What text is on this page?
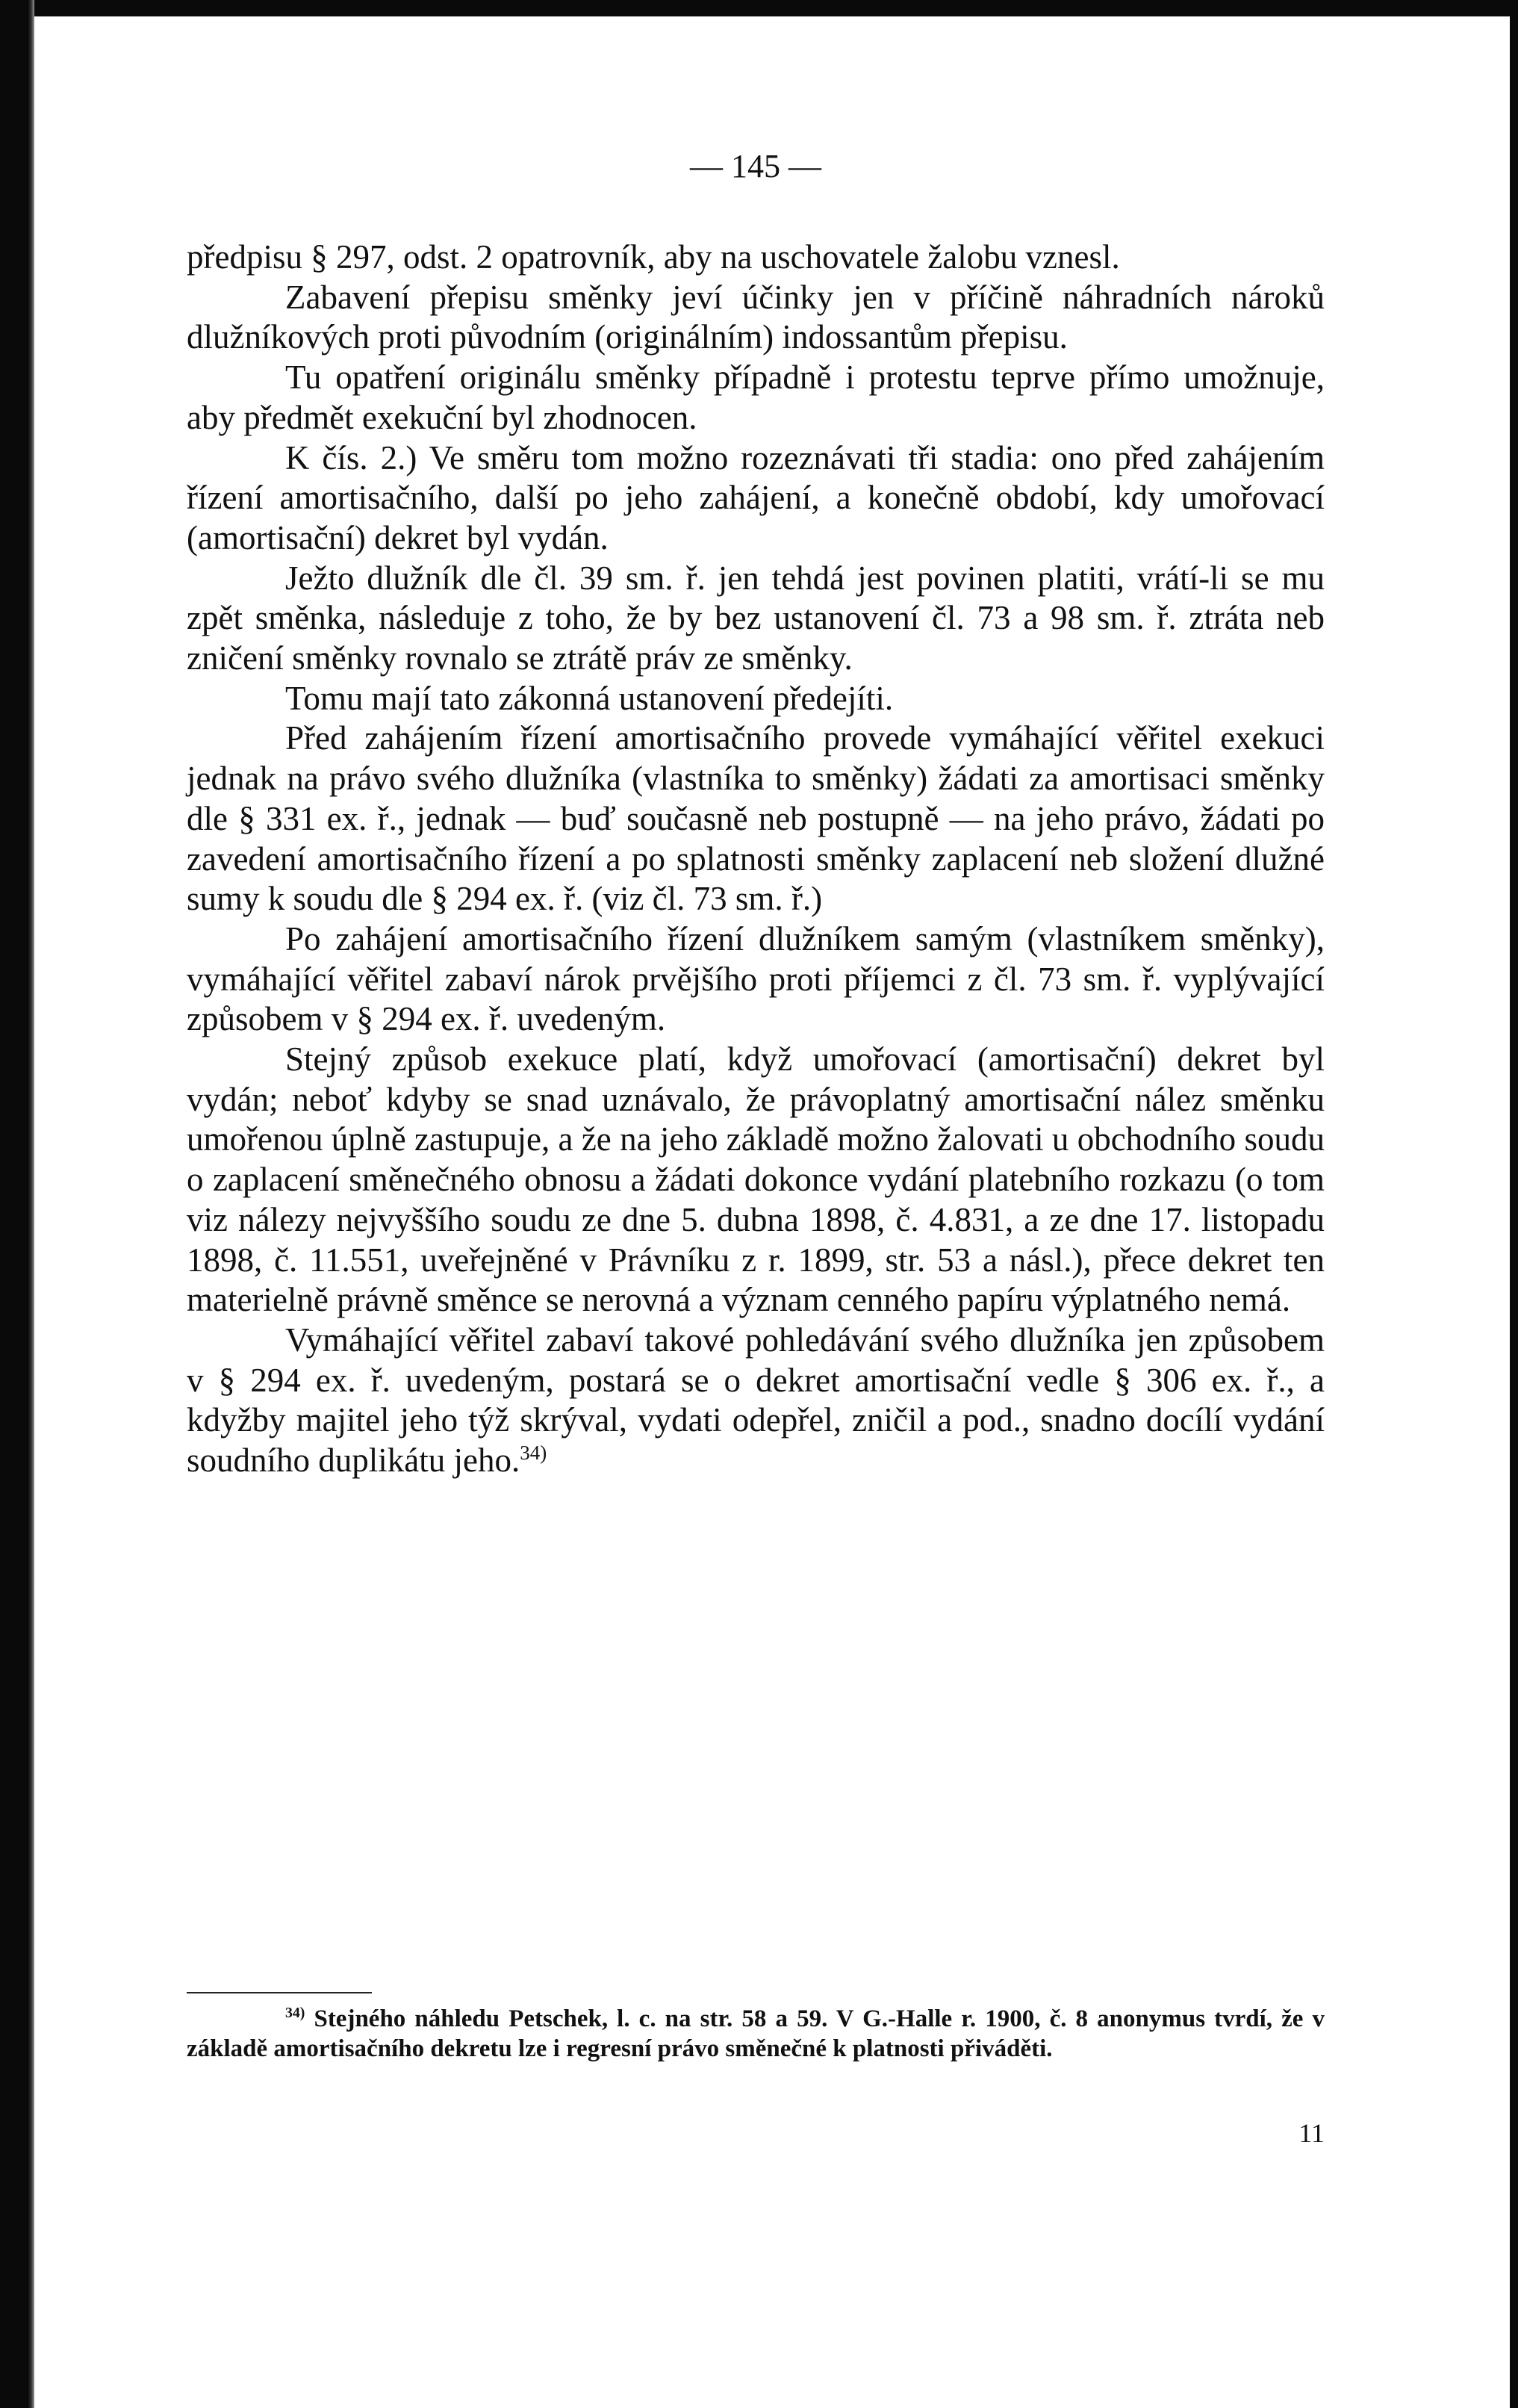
— 145 —

předpisu § 297, odst. 2 opatrovník, aby na uschovatele žalobu vznesl.

Zabavení přepisu směnky jeví účinky jen v příčině náhradních nároků dlužníkových proti původním (originálním) indossantům přepisu.

Tu opatření originálu směnky případně i protestu teprve přímo umožnuje, aby předmět exekuční byl zhodnocen.

K čís. 2.) Ve směru tom možno rozeznávati tři stadia: ono před zahájením řízení amortisačního, další po jeho zahájení, a konečně období, kdy umořovací (amortisační) dekret byl vydán.

Ježto dlužník dle čl. 39 sm. ř. jen tehdá jest povinen platiti, vrátí-li se mu zpět směnka, následuje z toho, že by bez ustanovení čl. 73 a 98 sm. ř. ztráta neb zničení směnky rovnalo se ztrátě práv ze směnky.

Tomu mají tato zákonná ustanovení předejíti.

Před zahájením řízení amortisačního provede vymáhající věřitel exekuci jednak na právo svého dlužníka (vlastníka to směnky) žádati za amortisaci směnky dle § 331 ex. ř., jednak — buď současně neb postupně — na jeho právo, žádati po zavedení amortisačního řízení a po splatnosti směnky zaplacení neb složení dlužné sumy k soudu dle § 294 ex. ř. (viz čl. 73 sm. ř.)

Po zahájení amortisačního řízení dlužníkem samým (vlastníkem směnky), vymáhající věřitel zabaví nárok prvějšího proti příjemci z čl. 73 sm. ř. vyplývající způsobem v § 294 ex. ř. uvedeným.

Stejný způsob exekuce platí, když umořovací (amortisační) dekret byl vydán; neboť kdyby se snad uznávalo, že právoplatný amortisační nález směnku umořenou úplně zastupuje, a že na jeho základě možno žalovati u obchodního soudu o zaplacení směnečného obnosu a žádati dokonce vydání platebního rozkazu (o tom viz nálezy nejvyššího soudu ze dne 5. dubna 1898, č. 4.831, a ze dne 17. listopadu 1898, č. 11.551, uveřejněné v Právníku z r. 1899, str. 53 a násl.), přece dekret ten materielně právně směnce se nerovná a význam cenného papíru výplatného nemá.

Vymáhající věřitel zabaví takové pohledávání svého dlužníka jen způsobem v § 294 ex. ř. uvedeným, postará se o dekret amortisační vedle § 306 ex. ř., a kdyžby majitel jeho týž skrýval, vydati odepřel, zničil a pod., snadno docílí vydání soudního duplikátu jeho.$^{34)}$

$^{34)}$ Stejného náhledu Petschek, l. c. na str. 58 a 59. V G.-Halle r. 1900, č. 8 anonymus tvrdí, že v základě amortisačního dekretu lze i regresní právo směnečné k platnosti přiváděti.

11
